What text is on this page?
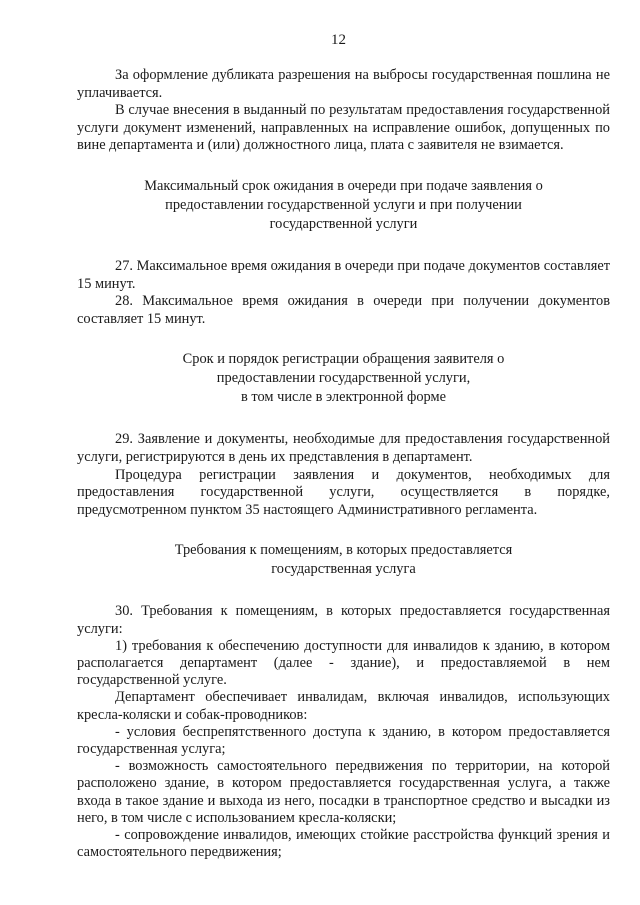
12

За оформление дубликата разрешения на выбросы государственная пошлина не уплачивается.

В случае внесения в выданный по результатам предоставления государственной услуги документ изменений, направленных на исправление ошибок, допущенных по вине департамента и (или) должностного лица, плата с заявителя не взимается.

Максимальный срок ожидания в очереди при подаче заявления о

предоставлении государственной услуги и при получении

государственной услуги

27. Максимальное время ожидания в очереди при подаче документов составляет 15 минут.

28. Максимальное время ожидания в очереди при получении документов составляет 15 минут.

Срок и порядок регистрации обращения заявителя о

предоставлении государственной услуги,

в том числе в электронной форме

29. Заявление и документы, необходимые для предоставления государственной услуги, регистрируются в день их представления в департамент.

Процедура регистрации заявления и документов, необходимых для предоставления государственной услуги, осуществляется в порядке, предусмотренном пунктом 35 настоящего Административного регламента.

Требования к помещениям, в которых предоставляется

государственная услуга

30. Требования к помещениям, в которых предоставляется государственная услуги:

1) требования к обеспечению доступности для инвалидов к зданию, в котором располагается департамент (далее - здание), и предоставляемой в нем государственной услуге.

Департамент обеспечивает инвалидам, включая инвалидов, использующих кресла-коляски и собак-проводников:

- условия беспрепятственного доступа к зданию, в котором предоставляется государственная услуга;

- возможность самостоятельного передвижения по территории, на которой расположено здание, в котором предоставляется государственная услуга, а также входа в такое здание и выхода из него, посадки в транспортное средство и высадки из него, в том числе с использованием кресла-коляски;

- сопровождение инвалидов, имеющих стойкие расстройства функций зрения и самостоятельного передвижения;
